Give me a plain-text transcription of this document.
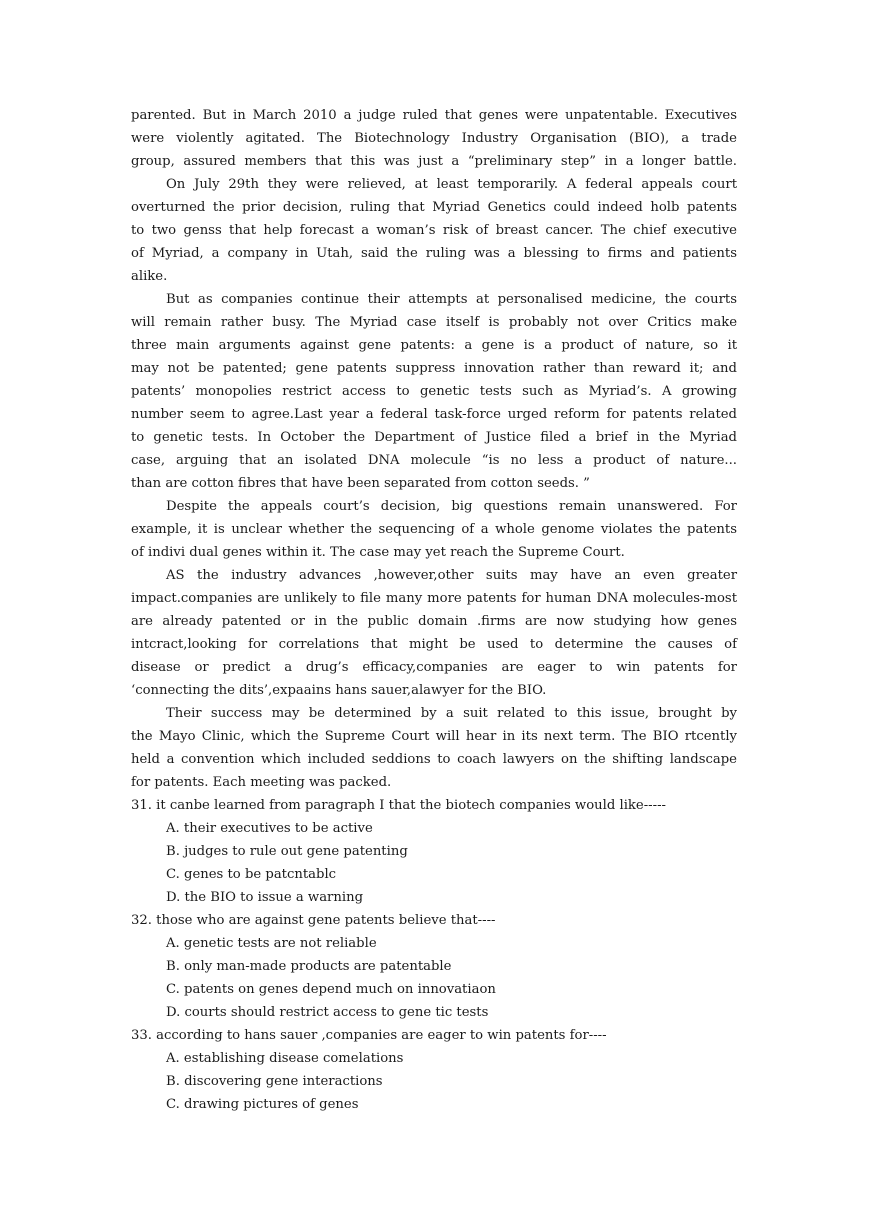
parented. But in March 2010 a judge ruled that genes were unpatentable. Executives
were violently agitated. The Biotechnology Industry Organisation (BIO), a trade
group, assured members that this was just a “preliminary step” in a longer battle.
On July 29th they were relieved, at least temporarily. A federal appeals court
overturned the prior decision, ruling that Myriad Genetics could indeed holb patents
to two genss that help forecast a woman’s risk of breast cancer. The chief executive
of Myriad, a company in Utah, said the ruling was a blessing to firms and patients
alike.
But as companies continue their attempts at personalised medicine, the courts
will remain rather busy. The Myriad case itself is probably not over Critics make
three main arguments against gene patents: a gene is a product of nature, so it
may not be patented; gene patents suppress innovation rather than reward it; and
patents’ monopolies restrict access to genetic tests such as Myriad’s. A growing
number seem to agree.Last year a federal task-force urged reform for patents related
to genetic tests. In October the Department of Justice filed a brief in the Myriad
case, arguing that an isolated DNA molecule “is no less a product of nature...
than are cotton fibres that have been separated from cotton seeds. ”
Despite the appeals court’s decision, big questions remain unanswered. For
example, it is unclear whether the sequencing of a whole genome violates the patents
of indivi dual genes within it. The case may yet reach the Supreme Court.
AS the industry advances ,however,other suits may have an even greater
impact.companies are unlikely to file many more patents for human DNA molecules-most
are already patented or in the public domain .firms are now studying how genes
intcract,looking for correlations that might be used to determine the causes of
disease or predict a drug’s efficacy,companies are eager to win patents for
‘connecting the dits’,expaains hans sauer,alawyer for the BIO.
Their success may be determined by a suit related to this issue, brought by
the Mayo Clinic, which the Supreme Court will hear in its next term. The BIO rtcently
held a convention which included seddions to coach lawyers on the shifting landscape
for patents. Each meeting was packed.
31. it canbe learned from paragraph I that the biotech companies would like-----
A. their executives to be active
B. judges to rule out gene patenting
C. genes to be patcntablc
D. the BIO to issue a warning
32. those who are against gene patents believe that----
A. genetic tests are not reliable
B. only man-made products are patentable
C. patents on genes depend much on innovatiaon
D. courts should restrict access to gene tic tests
33. according to hans sauer ,companies are eager to win patents for----
A. establishing disease comelations
B. discovering gene interactions
C. drawing pictures of genes
